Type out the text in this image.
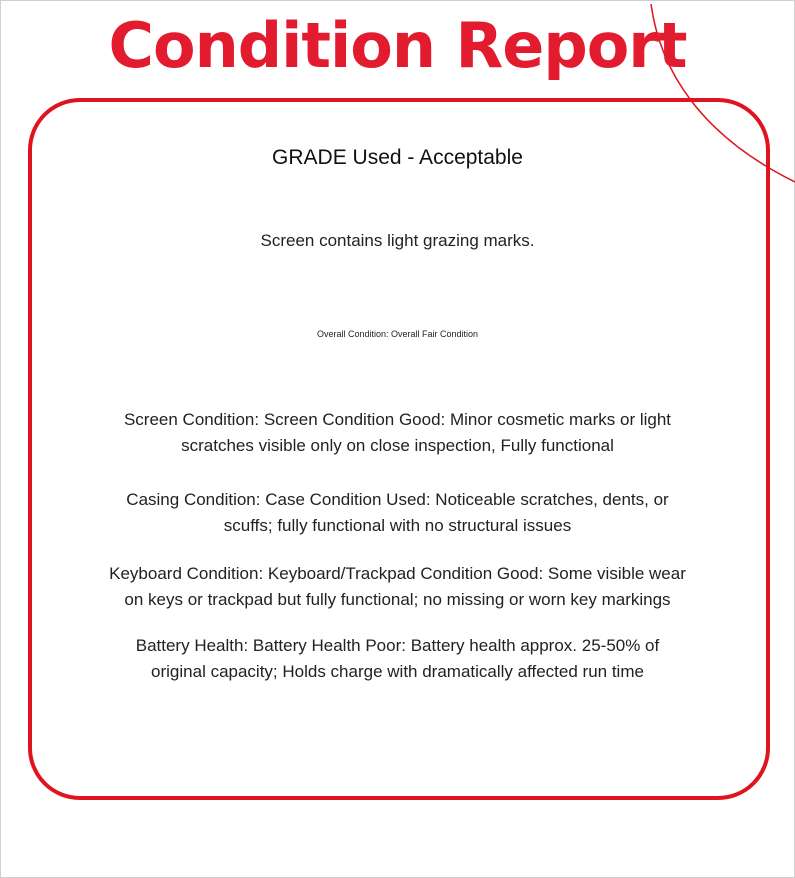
Condition Report
GRADE Used - Acceptable
Screen contains light grazing marks.
Overall Condition: Overall Fair Condition
Screen Condition: Screen Condition Good: Minor cosmetic marks or light
scratches visible only on close inspection, Fully functional
Casing Condition: Case Condition Used: Noticeable scratches, dents, or
scuffs; fully functional with no structural issues
Keyboard Condition: Keyboard/Trackpad Condition Good: Some visible wear
on keys or trackpad but fully functional; no missing or worn key markings
Battery Health: Battery Health Poor: Battery health approx. 25-50% of
original capacity; Holds charge with dramatically affected run time
